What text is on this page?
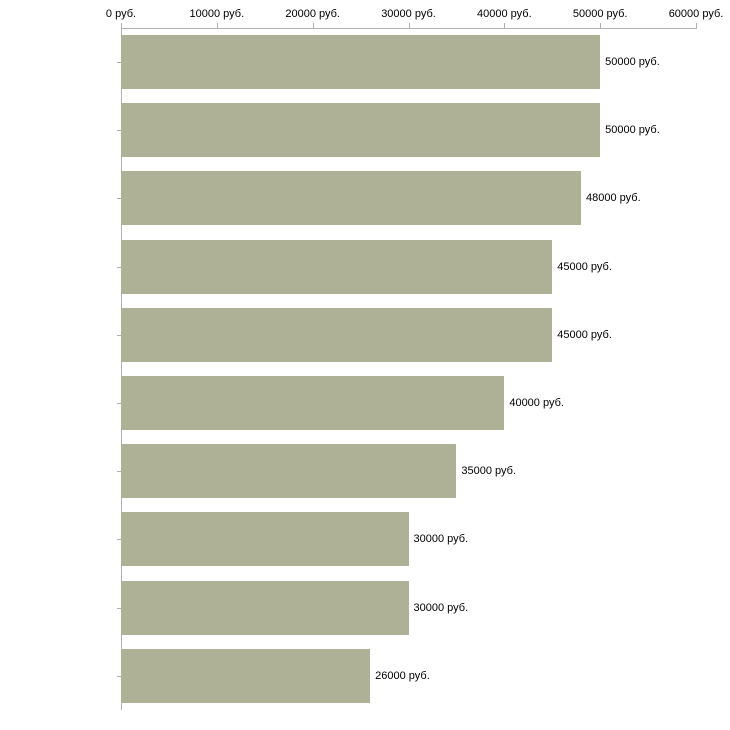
50000 руб.
50000 руб.
48000 руб.
45000 руб.
45000 руб.
40000 руб.
35000 руб.
30000 руб.
30000 руб.
26000 руб.
0 руб.	10000 руб.	20000 руб.	30000 руб.	40000 руб.	50000 руб.	60000 руб.
